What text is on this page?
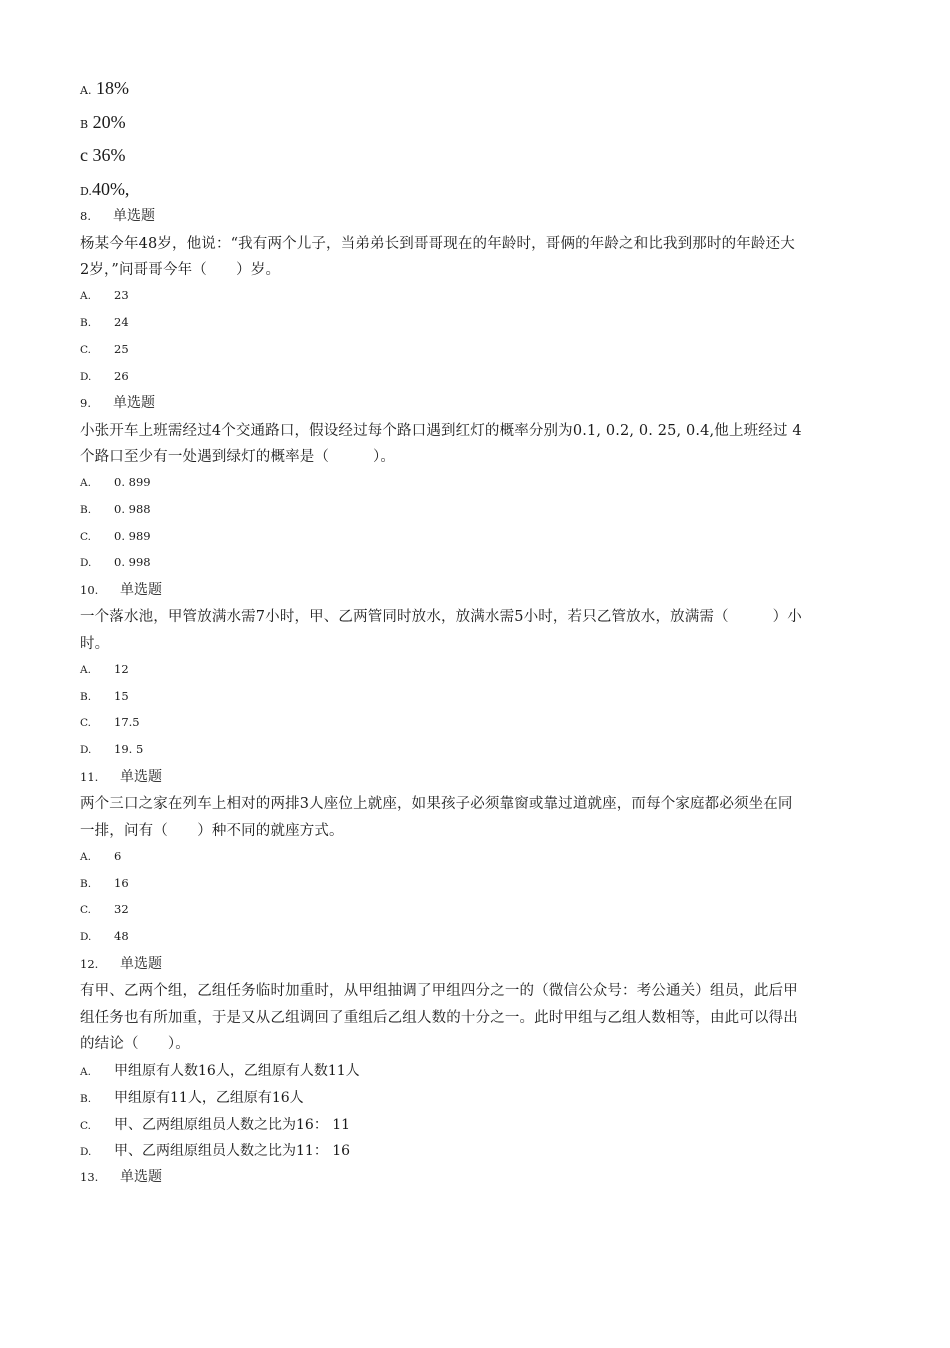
A. 18%
B 20%
c 36%
D.40%,
8. 单选题
杨某今年48岁，他说：“我有两个儿子，当弟弟长到哥哥现在的年龄时，哥俩的年龄之和比我到那时的年龄还大
2岁，”问哥哥今年（　　）岁。
A. 23
B. 24
C. 25
D. 26
9. 单选题
小张开车上班需经过4个交通路口，假设经过每个路口遇到红灯的概率分别为0.1, 0.2, 0. 25, 0.4,他上班经过 4
个路口至少有一处遇到绿灯的概率是（　　　）。
A. 0. 899
B. 0. 988
C. 0. 989
D. 0. 998
10. 单选题
一个落水池，甲管放满水需7小时，甲、乙两管同时放水，放满水需5小时，若只乙管放水，放满需（　　　）小
时。
A. 12
B. 15
C. 17.5
D. 19. 5
11. 单选题
两个三口之家在列车上相对的两排3人座位上就座，如果孩子必须靠窗或靠过道就座，而每个家庭都必须坐在同
一排，问有（　　）种不同的就座方式。
A. 6
B. 16
C. 32
D. 48
12. 单选题
有甲、乙两个组，乙组任务临时加重时，从甲组抽调了甲组四分之一的（微信公众号：考公通关）组员，此后甲
组任务也有所加重，于是又从乙组调回了重组后乙组人数的十分之一。此时甲组与乙组人数相等，由此可以得出
的结论（　　）。
A. 甲组原有人数16人，乙组原有人数11人
B. 甲组原有11人，乙组原有16人
C. 甲、乙两组原组员人数之比为16： 11
D. 甲、乙两组原组员人数之比为11： 16
13. 单选题
